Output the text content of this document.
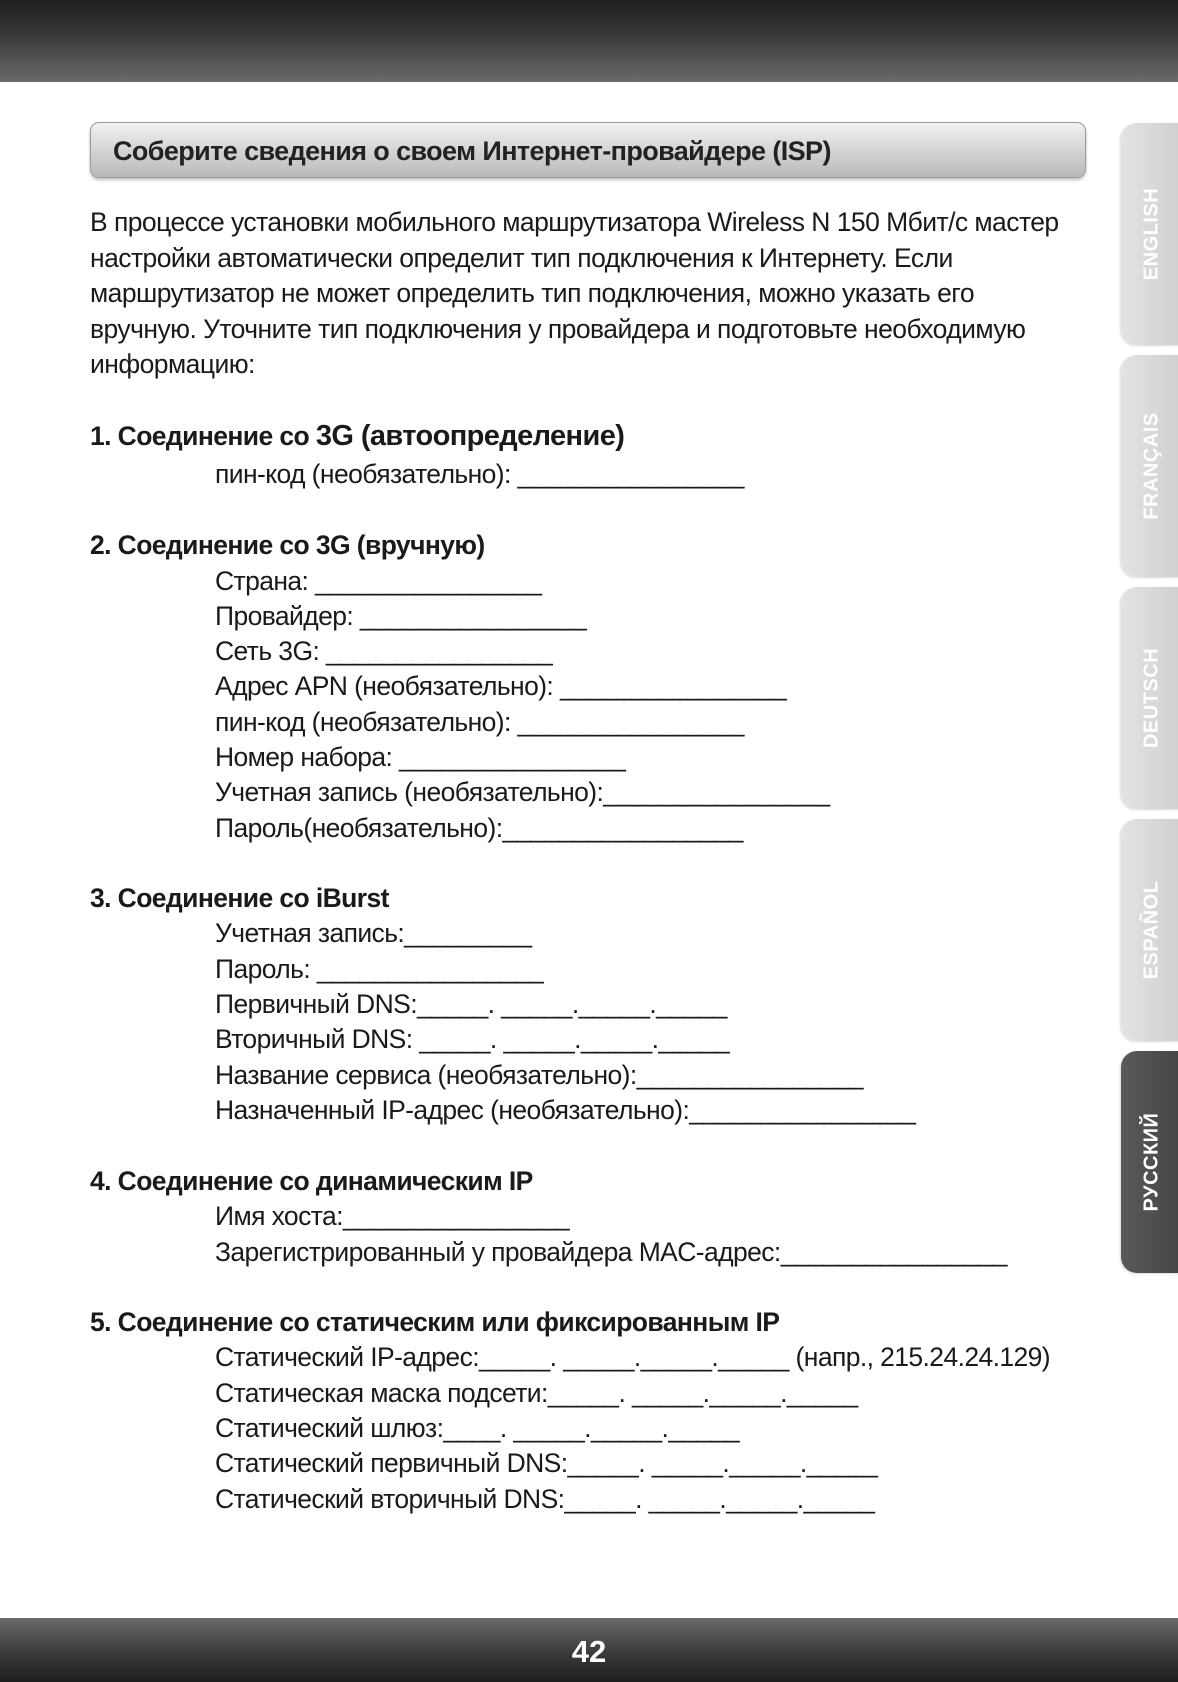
Соберите сведения о своем Интернет-провайдере (ISP)

В процессе установки мобильного маршрутизатора Wireless N 150 Мбит/с мастер настройки автоматически определит тип подключения к Интернету. Если маршрутизатор не может определить тип подключения, можно указать его вручную. Уточните тип подключения у провайдера и подготовьте необходимую информацию:

1. Соединение со 3G (автоопределение)
пин-код (необязательно): ________________
2. Соединение со 3G (вручную)
Страна: ________________
Провайдер: ________________
Сеть 3G: ________________
Адрес APN (необязательно): ________________
пин-код (необязательно): ________________
Номер набора: ________________
Учетная запись (необязательно):________________
Пароль(необязательно):_________________
3. Соединение со iBurst
Учетная запись:_________
Пароль: ________________
Первичный DNS:_____. _____._____._____
Вторичный DNS: _____. _____._____._____
Название сервиса (необязательно):________________
Назначенный IP-адрес (необязательно):________________
4. Соединение со динамическим IP
Имя хоста:________________
Зарегистрированный у провайдера MAC-адрес:________________
5. Соединение со статическим или фиксированным IP
Статический IP-адрес:_____. _____._____._____ (напр., 215.24.24.129)
Статическая маска подсети:_____. _____._____._____
Статический шлюз:____. _____._____._____
Статический первичный DNS:_____. _____._____._____
Статический вторичный DNS:_____. _____._____._____
ENGLISH
FRANÇAIS
DEUTSCH
ESPAÑOL
РУССКИЙ
42
